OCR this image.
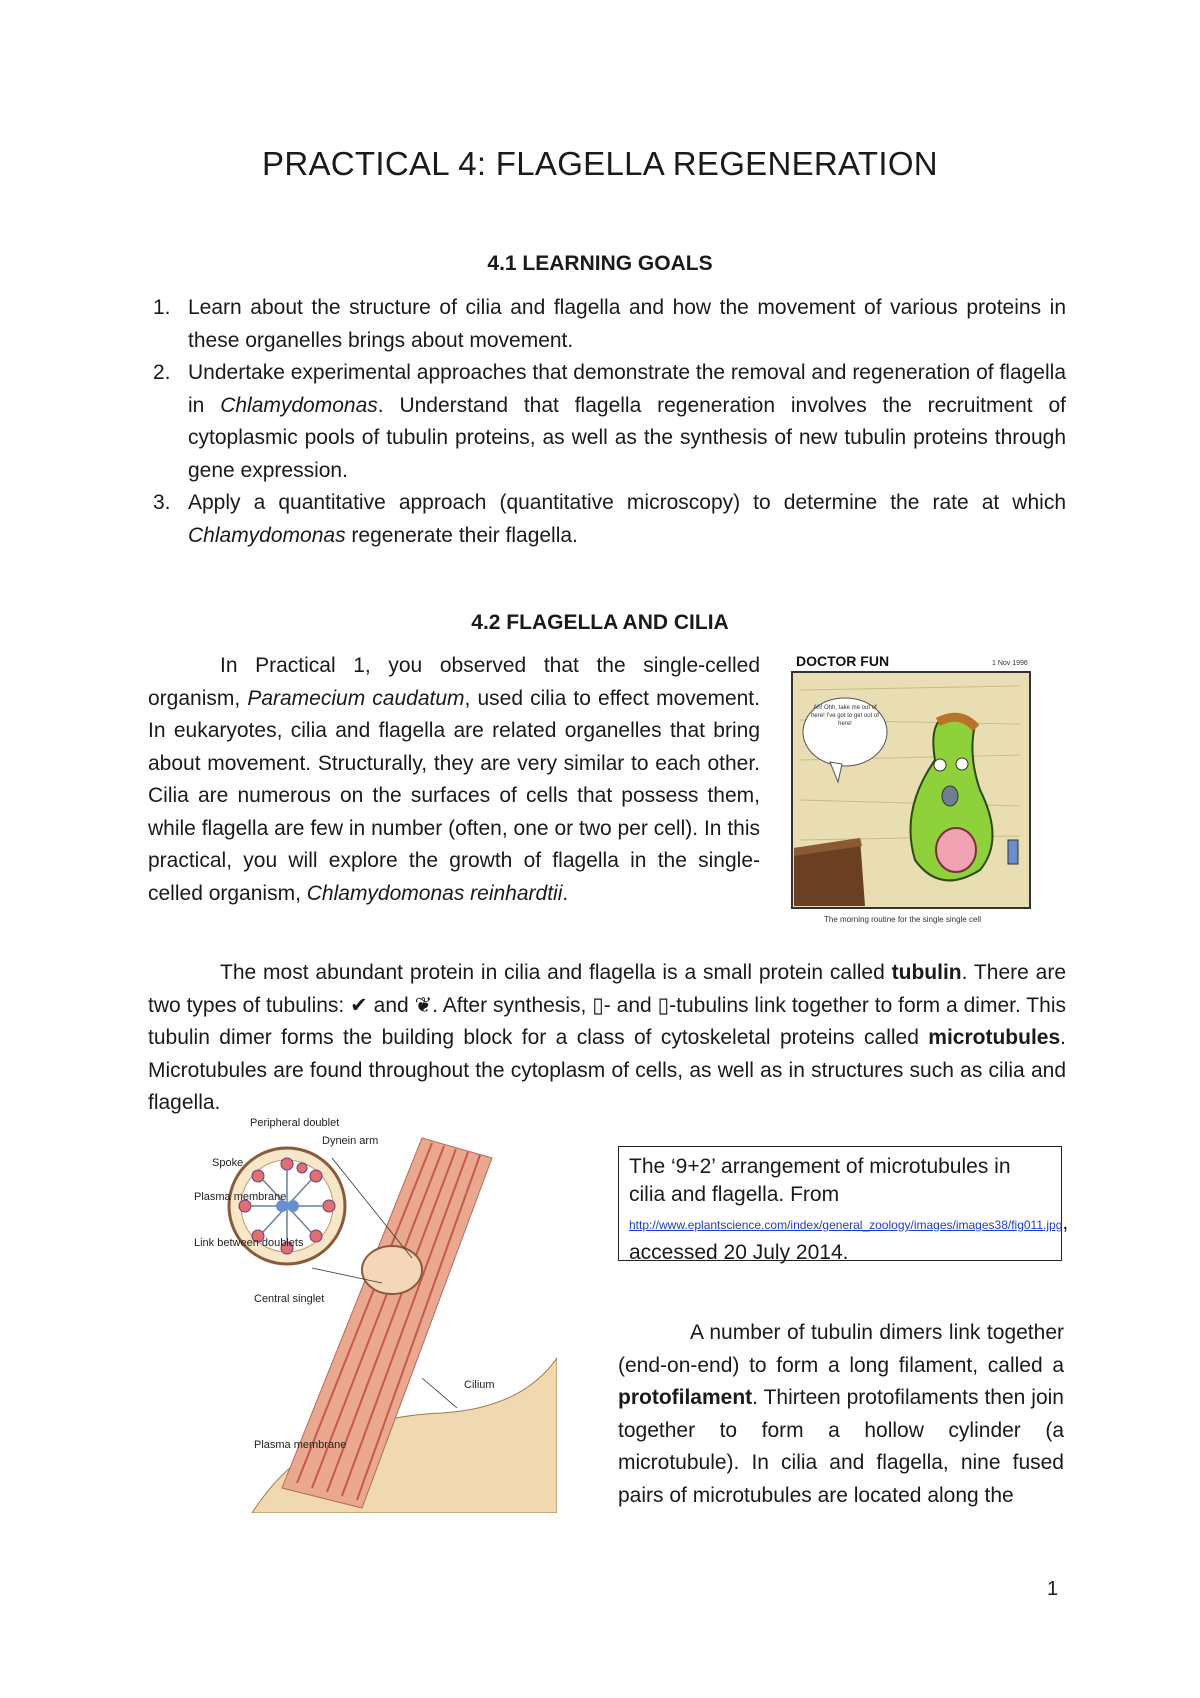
PRACTICAL 4: FLAGELLA REGENERATION
4.1 LEARNING GOALS
1. Learn about the structure of cilia and flagella and how the movement of various proteins in these organelles brings about movement.
2. Undertake experimental approaches that demonstrate the removal and regeneration of flagella in Chlamydomonas. Understand that flagella regeneration involves the recruitment of cytoplasmic pools of tubulin proteins, as well as the synthesis of new tubulin proteins through gene expression.
3. Apply a quantitative approach (quantitative microscopy) to determine the rate at which Chlamydomonas regenerate their flagella.
4.2 FLAGELLA AND CILIA

In Practical 1, you observed that the single-celled organism, Paramecium caudatum, used cilia to effect movement. In eukaryotes, cilia and flagella are related organelles that bring about movement. Structurally, they are very similar to each other. Cilia are numerous on the surfaces of cells that possess them, while flagella are few in number (often, one or two per cell). In this practical, you will explore the growth of flagella in the single-celled organism, Chlamydomonas reinhardtii.

DOCTOR FUN	1 Nov 1996
The morning routine for the single single cell
Ah! Ohh, take me out of here! I've got to get out of here!

The most abundant protein in cilia and flagella is a small protein called tubulin. There are two types of tubulins: ✔ and ❦. After synthesis, ▯- and ▯-tubulins link together to form a dimer. This tubulin dimer forms the building block for a class of cytoskeletal proteins called microtubules. Microtubules are found throughout the cytoplasm of cells, as well as in structures such as cilia and flagella.

Peripheral doublet
Dynein arm
Spoke
Plasma membrane
Link between doublets
Central singlet
Cilium
Plasma membrane
The ‘9+2’ arrangement of microtubules in cilia and flagella. From
http://www.eplantscience.com/index/general_zoology/images/images38/fig011.jpg, accessed 20 July 2014.

A number of tubulin dimers link together (end-on-end) to form a long filament, called a protofilament. Thirteen protofilaments then join together to form a hollow cylinder (a microtubule). In cilia and flagella, nine fused pairs of microtubules are located along the

1
